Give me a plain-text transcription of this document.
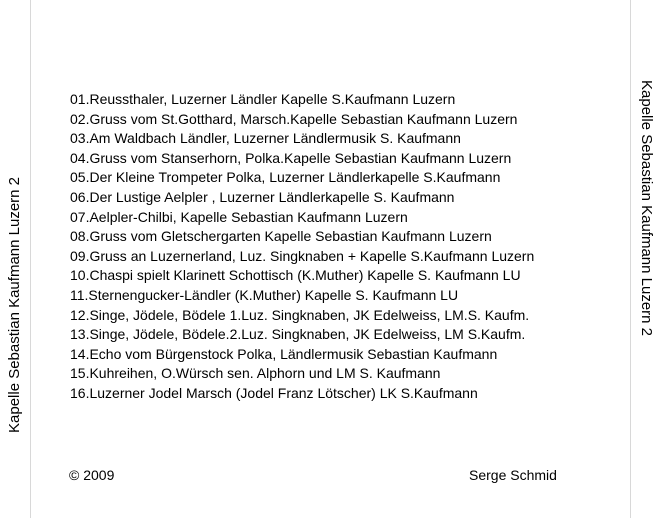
Kapelle Sebastian Kaufmann Luzern 2	Kapelle Sebastian Kaufmann Luzern 2
01.Reussthaler, Luzerner Ländler Kapelle S.Kaufmann Luzern
02.Gruss vom St.Gotthard, Marsch.Kapelle Sebastian Kaufmann Luzern
03.Am Waldbach Ländler, Luzerner Ländlermusik S. Kaufmann
04.Gruss vom Stanserhorn, Polka.Kapelle Sebastian Kaufmann Luzern
05.Der Kleine Trompeter Polka, Luzerner Ländlerkapelle S.Kaufmann
06.Der Lustige Aelpler , Luzerner Ländlerkapelle S. Kaufmann
07.Aelpler-Chilbi, Kapelle Sebastian Kaufmann Luzern
08.Gruss vom Gletschergarten Kapelle Sebastian Kaufmann Luzern
09.Gruss an Luzernerland, Luz. Singknaben + Kapelle S.Kaufmann Luzern
10.Chaspi spielt Klarinett Schottisch (K.Muther) Kapelle S. Kaufmann LU
11.Sternengucker-Ländler (K.Muther) Kapelle S. Kaufmann LU
12.Singe, Jödele, Bödele 1.Luz. Singknaben, JK Edelweiss, LM.S. Kaufm.
13.Singe, Jödele, Bödele.2.Luz. Singknaben, JK Edelweiss, LM S.Kaufm.
14.Echo vom Bürgenstock Polka, Ländlermusik Sebastian Kaufmann
15.Kuhreihen, O.Würsch sen. Alphorn und LM S. Kaufmann
16.Luzerner Jodel Marsch (Jodel Franz Lötscher) LK S.Kaufmann
© 2009	Serge Schmid
